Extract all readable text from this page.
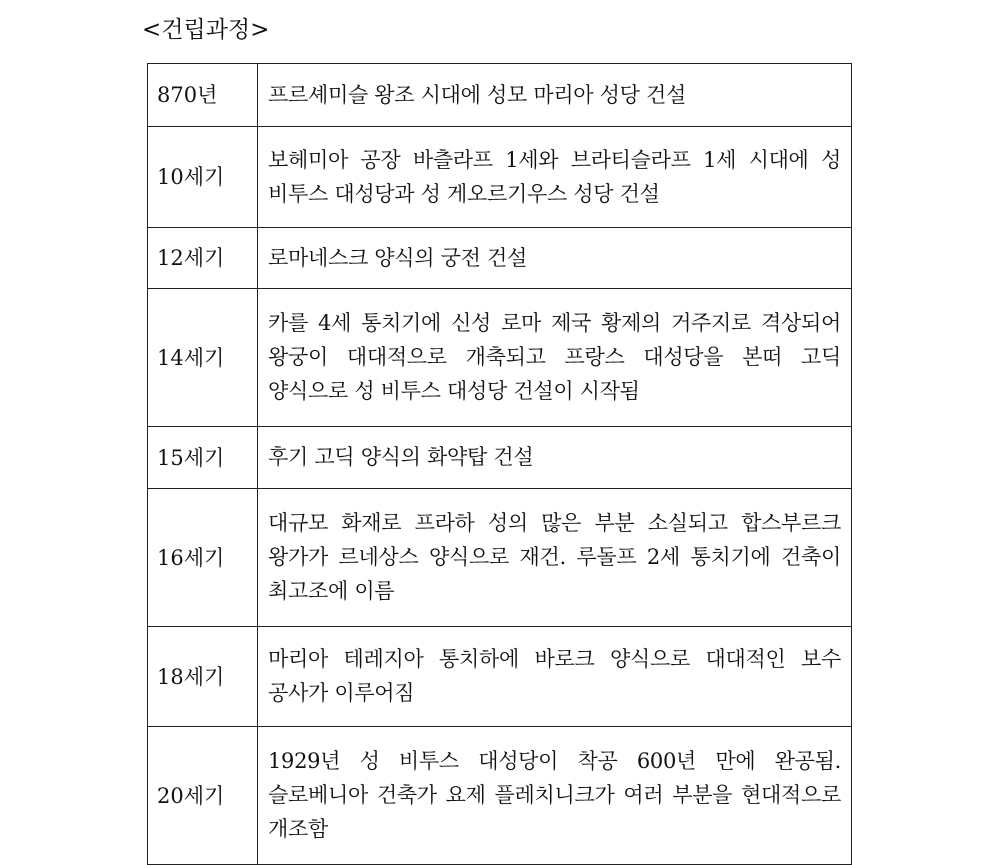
<건립과정>
870년	프르셰미슬 왕조 시대에 성모 마리아 성당 건설
10세기	보헤미아 공장 바츨라프 1세와 브라티슬라프 1세 시대에 성 비투스 대성당과 성 게오르기우스 성당 건설
12세기	로마네스크 양식의 궁전 건설
14세기	카를 4세 통치기에 신성 로마 제국 황제의 거주지로 격상되어 왕궁이 대대적으로 개축되고 프랑스 대성당을 본떠 고딕 양식으로 성 비투스 대성당 건설이 시작됨
15세기	후기 고딕 양식의 화약탑 건설
16세기	대규모 화재로 프라하 성의 많은 부분 소실되고 합스부르크 왕가가 르네상스 양식으로 재건. 루돌프 2세 통치기에 건축이 최고조에 이름
18세기	마리아 테레지아 통치하에 바로크 양식으로 대대적인 보수 공사가 이루어짐
20세기	1929년 성 비투스 대성당이 착공 600년 만에 완공됨. 슬로베니아 건축가 요제 플레치니크가 여러 부분을 현대적으로 개조함
